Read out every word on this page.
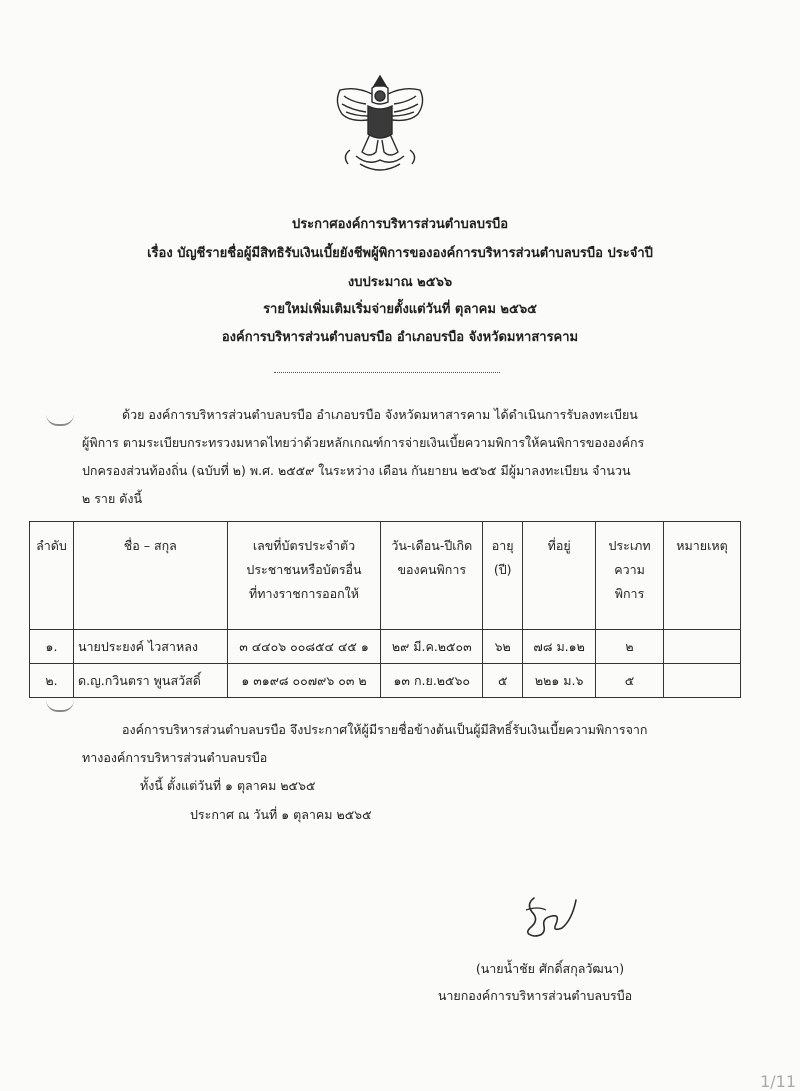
ประกาศองค์การบริหารส่วนตำบลบรบือ
เรื่อง บัญชีรายชื่อผู้มีสิทธิรับเงินเบี้ยยังชีพผู้พิการขององค์การบริหารส่วนตำบลบรบือ ประจำปี
งบประมาณ ๒๕๖๖
รายใหม่เพิ่มเติมเริ่มจ่ายตั้งแต่วันที่ ตุลาคม ๒๕๖๕
องค์การบริหารส่วนตำบลบรบือ อำเภอบรบือ จังหวัดมหาสารคาม
ด้วย องค์การบริหารส่วนตำบลบรบือ อำเภอบรบือ จังหวัดมหาสารคาม ได้ดำเนินการรับลงทะเบียน
ผู้พิการ ตามระเบียบกระทรวงมหาดไทยว่าด้วยหลักเกณฑ์การจ่ายเงินเบี้ยความพิการให้คนพิการขององค์กร
ปกครองส่วนท้องถิ่น (ฉบับที่ ๒) พ.ศ. ๒๕๕๙ ในระหว่าง เดือน กันยายน ๒๕๖๕ มีผู้มาลงทะเบียน จำนวน
๒ ราย ดังนี้
ลำดับ	ชื่อ – สกุล	เลขที่บัตรประจำตัวประชาชนหรือบัตรอื่นที่ทางราชการออกให้	วัน-เดือน-ปีเกิดของคนพิการ	อายุ (ปี)	ที่อยู่	ประเภทความพิการ	หมายเหตุ
๑.	นายประยงค์ ไวสาหลง	๓ ๔๔๐๖ ๐๐๘๕๔ ๔๕ ๑	๒๙ มี.ค.๒๕๐๓	๖๒	๗๘ ม.๑๒	๒	
๒.	ด.ญ.กวินตรา พูนสวัสดิ์	๑ ๓๑๙๘ ๐๐๗๙๖ ๐๓ ๒	๑๓ ก.ย.๒๕๖๐	๕	๒๒๑ ม.๖	๕	
องค์การบริหารส่วนตำบลบรบือ จึงประกาศให้ผู้มีรายชื่อข้างต้นเป็นผู้มีสิทธิ์รับเงินเบี้ยความพิการจาก
ทางองค์การบริหารส่วนตำบลบรบือ
ทั้งนี้ ตั้งแต่วันที่ ๑ ตุลาคม ๒๕๖๕
ประกาศ ณ วันที่ ๑ ตุลาคม ๒๕๖๕
(นายน้ำชัย ศักดิ์สกุลวัฒนา)
นายกองค์การบริหารส่วนตำบลบรบือ
1/11
